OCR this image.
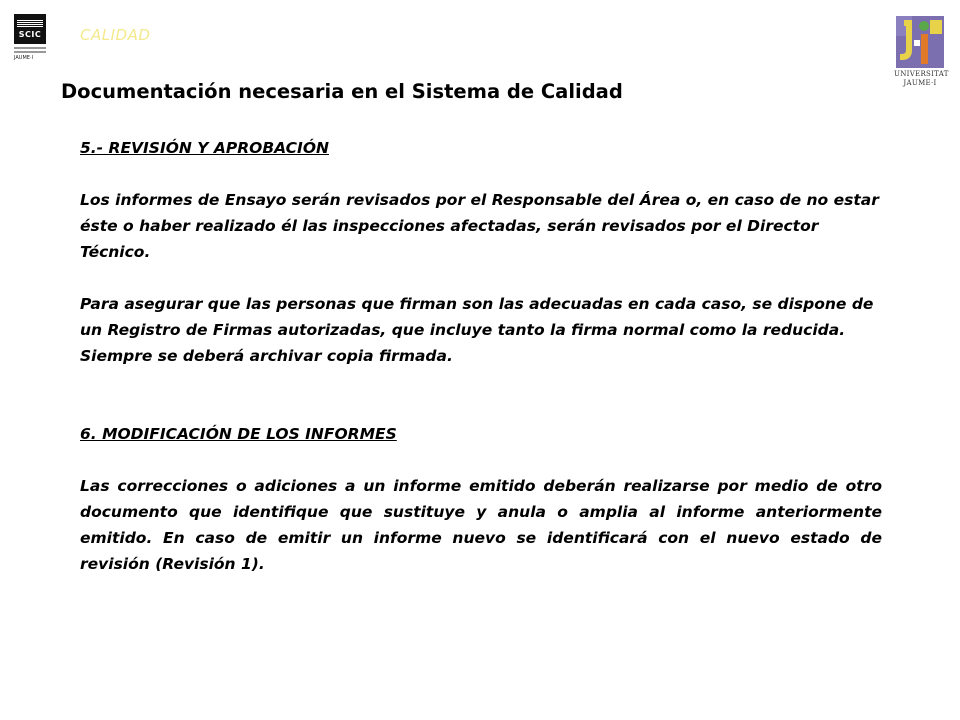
SCIC
JAUME·I
CALIDAD
UNIVERSITAT
JAUME·I
Documentación necesaria en el Sistema de Calidad

5.- REVISIÓN Y APROBACIÓN

Los informes de Ensayo serán revisados por el Responsable del Área o, en caso de no estar éste o haber realizado él las inspecciones afectadas, serán revisados por el Director Técnico.

Para asegurar que las personas que firman son las adecuadas en cada caso, se dispone de un Registro de Firmas autorizadas, que incluye tanto la firma normal como la reducida.

Siempre se deberá archivar copia firmada.

6. MODIFICACIÓN DE LOS INFORMES

Las correcciones o adiciones a un informe emitido deberán realizarse por medio de otro documento que identifique que sustituye y anula o amplia al informe anteriormente emitido. En caso de emitir un informe nuevo se identificará con el nuevo estado de revisión (Revisión 1).
